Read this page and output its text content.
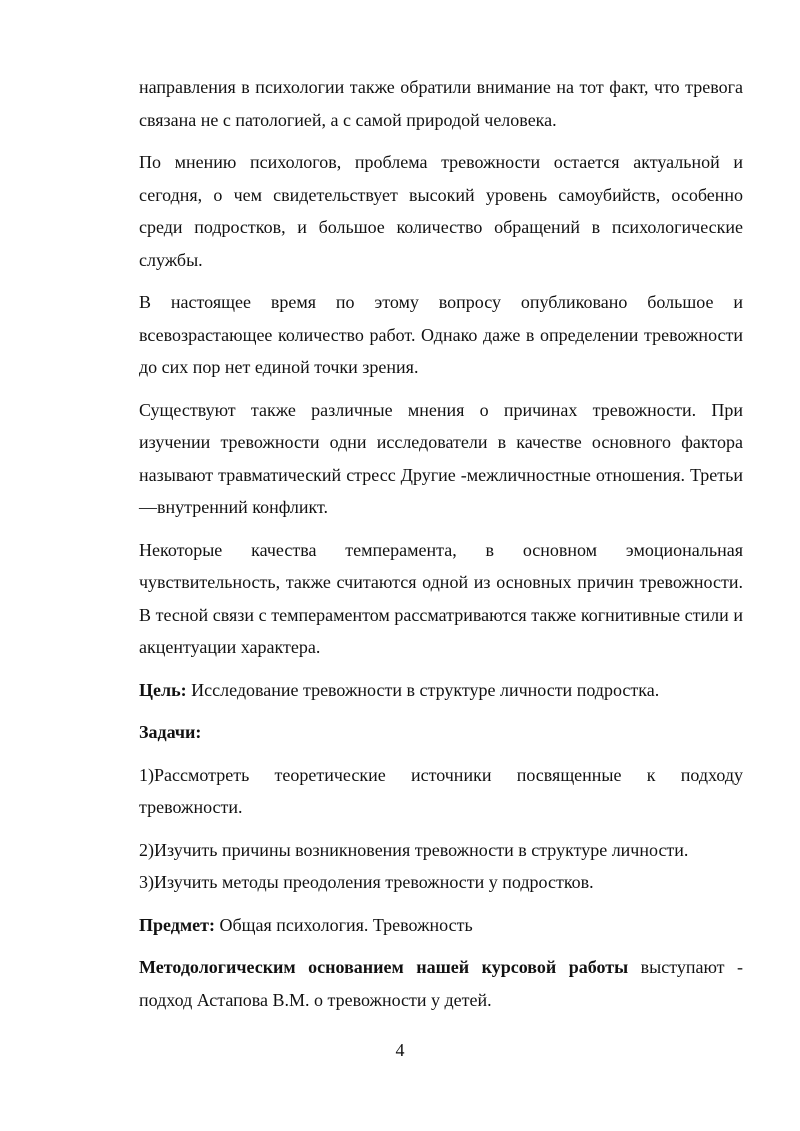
направления в психологии также обратили внимание на тот факт, что тревога связана не с патологией, а с самой природой человека.

По мнению психологов, проблема тревожности остается актуальной и сегодня, о чем свидетельствует высокий уровень самоубийств, особенно среди подростков, и большое количество обращений в психологические службы.

В настоящее время по этому вопросу опубликовано большое и всевозрастающее количество работ. Однако даже в определении тревожности до сих пор нет единой точки зрения.

Существуют также различные мнения о причинах тревожности. При изучении тревожности одни исследователи в качестве основного фактора называют травматический стресс Другие -межличностные отношения. Третьи—внутренний конфликт.

Некоторые качества темперамента, в основном эмоциональная чувствительность, также считаются одной из основных причин тревожности. В тесной связи с темпераментом рассматриваются также когнитивные стили и акцентуации характера.

Цель: Исследование тревожности в структуре личности подростка.

Задачи:

1)Рассмотреть теоретические источники посвященные к подходу тревожности.

2)Изучить причины возникновения тревожности в структуре личности.

3)Изучить методы преодоления тревожности у подростков.

Предмет: Общая психология. Тревожность

Методологическим основанием нашей курсовой работы выступают - подход Астапова В.М. о тревожности у детей.

4
